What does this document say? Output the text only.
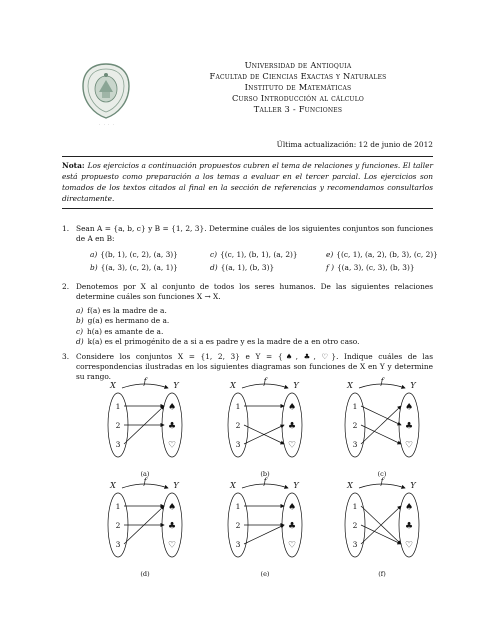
· · · ·
Universidad de Antioquia
Facultad de Ciencias Exactas y Naturales
Instituto de Matemáticas
Curso Introducción al cálculo
Taller 3 - Funciones
Última actualización: 12 de junio de 2012
Nota: Los ejercicios a continuación propuestos cubren el tema de relaciones y funciones. El taller está propuesto como preparación a los temas a evaluar en el tercer parcial. Los ejercicios son tomados de los textos citados al final en la sección de referencias y recomendamos consultarlos directamente.
1. Sean A = {a, b, c} y B = {1, 2, 3}. Determine cuáles de los siguientes conjuntos son funciones de A en B:
a) {(b, 1), (c, 2), (a, 3)}
b) {(a, 3), (c, 2), (a, 1)}
c) {(c, 1), (b, 1), (a, 2)}
d) {(a, 1), (b, 3)}
e) {(c, 1), (a, 2), (b, 3), (c, 2)}
f ) {(a, 3), (c, 3), (b, 3)}
2. Denotemos por X al conjunto de todos los seres humanos. De las siguientes relaciones determine cuáles son funciones X → X.
a) f(a) es la madre de a.
b) g(a) es hermano de a.
c) h(a) es amante de a.
d) k(a) es el primogénito de a si a es padre y es la madre de a en otro caso.
3. Considere los conjuntos X = {1, 2, 3} e Y = {♠, ♣, ♡}. Indique cuáles de las correspondencias ilustradas en los siguientes diagramas son funciones de X en Y y determine su rango.
X	Y
f
1
2
3
♠
♣
♡
(a)
X	Y
f
1
2
3
♠
♣
♡
(b)
X	Y
f
1
2
3
♠
♣
♡
(c)
X	Y
f
1
2
3
♠
♣
♡
(d)
X	Y
f
1
2
3
♠
♣
♡
(e)
X	Y
f
1
2
3
♠
♣
♡
(f)
